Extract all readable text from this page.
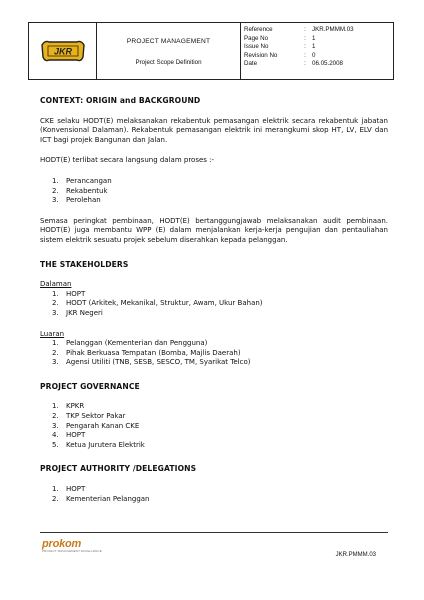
JKR
PROJECT MANAGEMENT
Project Scope Definition
Reference	: JKR.PMMM.03
Page No	: 1
Issue No	: 1
Revision No	: 0
Date	: 06.05.2008
CONTEXT: ORIGIN and BACKGROUND

CKE selaku HODT(E) melaksanakan rekabentuk pemasangan elektrik secara rekabentuk jabatan (Konvensional Dalaman). Rekabentuk pemasangan elektrik ini merangkumi skop HT, LV, ELV dan ICT bagi projek Bangunan dan Jalan.

HODT(E) terlibat secara langsung dalam proses :-

1.	Perancangan
2.	Rekabentuk
3.	Perolehan

Semasa peringkat pembinaan, HODT(E) bertanggungjawab melaksanakan audit pembinaan. HODT(E) juga membantu WPP (E) dalam menjalankan kerja-kerja pengujian dan pentauliahan sistem elektrik sesuatu projek sebelum diserahkan kepada pelanggan.

THE STAKEHOLDERS
Dalaman
1.	HOPT
2.	HODT (Arkitek, Mekanikal, Struktur, Awam, Ukur Bahan)
3.	JKR Negeri
Luaran
1.	Pelanggan (Kementerian dan Pengguna)
2.	Pihak Berkuasa Tempatan (Bomba, Majlis Daerah)
3.	Agensi Utiliti (TNB, SESB, SESCO, TM, Syarikat Telco)
PROJECT GOVERNANCE
1.	KPKR
2.	TKP Sektor Pakar
3.	Pengarah Kanan CKE
4.	HOPT
5.	Ketua Jurutera Elektrik
PROJECT AUTHORITY /DELEGATIONS
1.	HOPT
2.	Kementerian Pelanggan
prokom
PROJECT MANAGEMENT EXCELLENCE
JKR.PMMM.03
